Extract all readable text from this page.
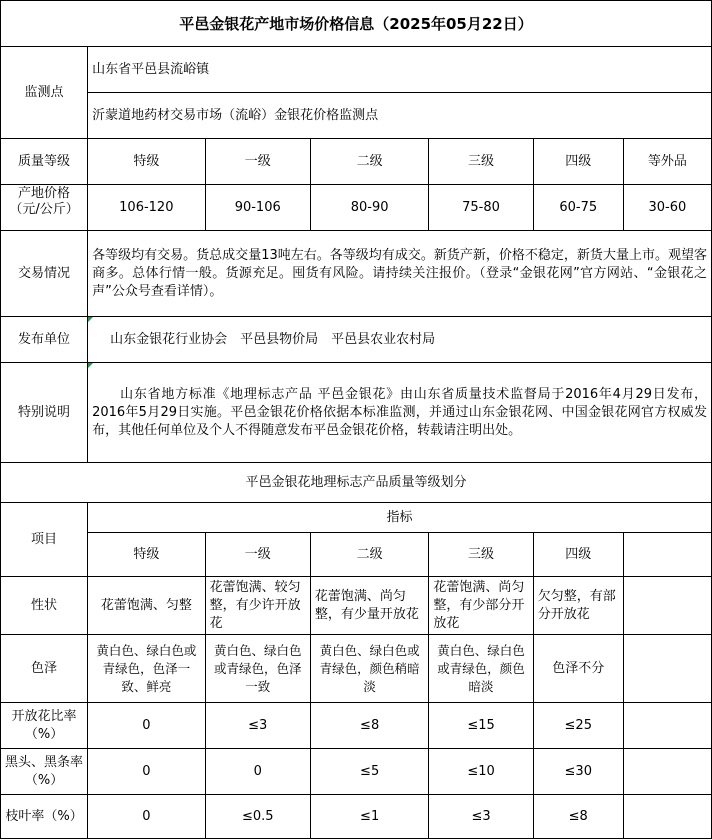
平邑金银花产地市场价格信息（2025年05月22日）						
监测点	山东省平邑县流峪镇					
	沂蒙道地药材交易市场（流峪）金银花价格监测点					
质量等级	特级	一级	二级	三级	四级	等外品

产地价格（元/公斤）	106-120	90-106	80-90	75-80	60-75	30-60
交易情况	各等级均有交易。货总成交量13吨左右。各等级均有成交。新货产新，价格不稳定，新货大量上市。观望客商多。总体行情一般。货源充足。囤货有风险。请持续关注报价。（登录“金银花网”官方网站、“金银花之声”公众号查看详情）。					
发布单位	山东金银花行业协会　平邑县物价局　平邑县农业农村局					
特别说明	山东省地方标准《地理标志产品 平邑金银花》由山东省质量技术监督局于2016年4月29日发布，2016年5月29日实施。平邑金银花价格依据本标准监测，并通过山东金银花网、中国金银花网官方权威发布，其他任何单位及个人不得随意发布平邑金银花价格，转载请注明出处。					
平邑金银花地理标志产品质量等级划分						
项目	指标					
	特级	一级	二级	三级	四级	
性状	花蕾饱满、匀整	花蕾饱满、较匀整，有少许开放花	花蕾饱满、尚匀整，有少量开放花	花蕾饱满、尚匀整，有少部分开放花	欠匀整，有部分开放花	
色泽	黄白色、绿白色或青绿色，色泽一致、鲜亮	黄白色、绿白色或青绿色，色泽一致	黄白色、绿白色或青绿色，颜色稍暗淡	黄白色、绿白色或青绿色，颜色暗淡	色泽不分	
开放花比率（%）	0	≤3	≤8	≤15	≤25	
黑头、黑条率（%）	0	0	≤5	≤10	≤30	
枝叶率（%）	0	≤0.5	≤1	≤3	≤8	
